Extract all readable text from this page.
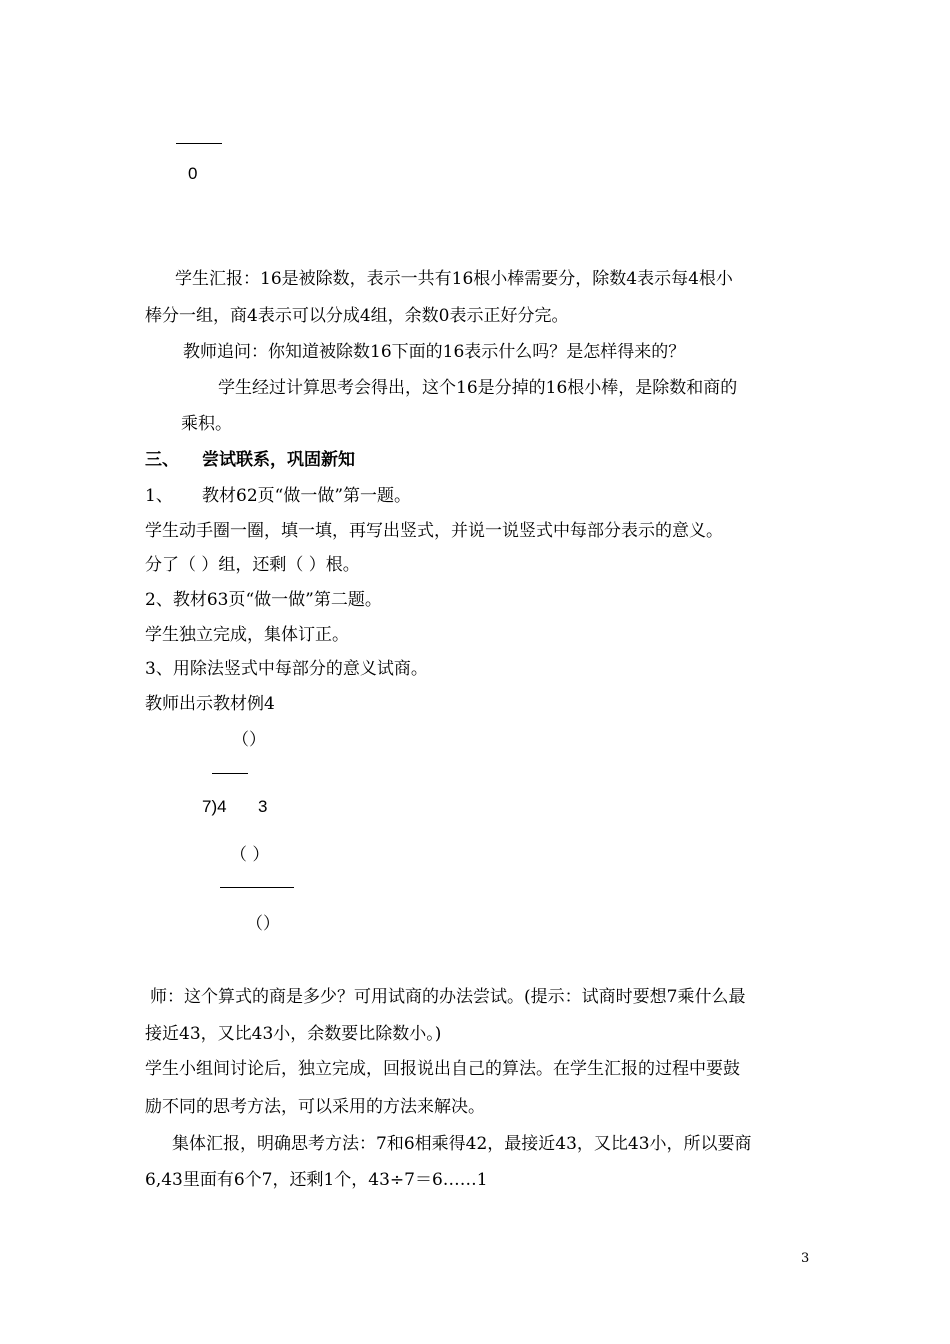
0
学生汇报：16是被除数，表示一共有16根小棒需要分，除数4表示每4根小
棒分一组，商4表示可以分成4组，余数0表示正好分完。
教师追问：你知道被除数16下面的16表示什么吗？是怎样得来的？
学生经过计算思考会得出，这个16是分掉的16根小棒，是除数和商的
乘积。
三、 尝试联系，巩固新知
1、 教材62页“做一做”第一题。
学生动手圈一圈，填一填，再写出竖式，并说一说竖式中每部分表示的意义。
分了（ ）组，还剩（ ）根。
2、教材63页“做一做”第二题。
学生独立完成，集体订正。
3、用除法竖式中每部分的意义试商。
教师出示教材例4
（）
7)4 3
（ ）
（）
师：这个算式的商是多少？可用试商的办法尝试。(提示：试商时要想7乘什么最
接近43，又比43小，余数要比除数小。)
学生小组间讨论后，独立完成，回报说出自己的算法。在学生汇报的过程中要鼓
励不同的思考方法，可以采用的方法来解决。
集体汇报，明确思考方法：7和6相乘得42，最接近43，又比43小，所以要商
6,43里面有6个7，还剩1个，43÷7＝6……1
3
